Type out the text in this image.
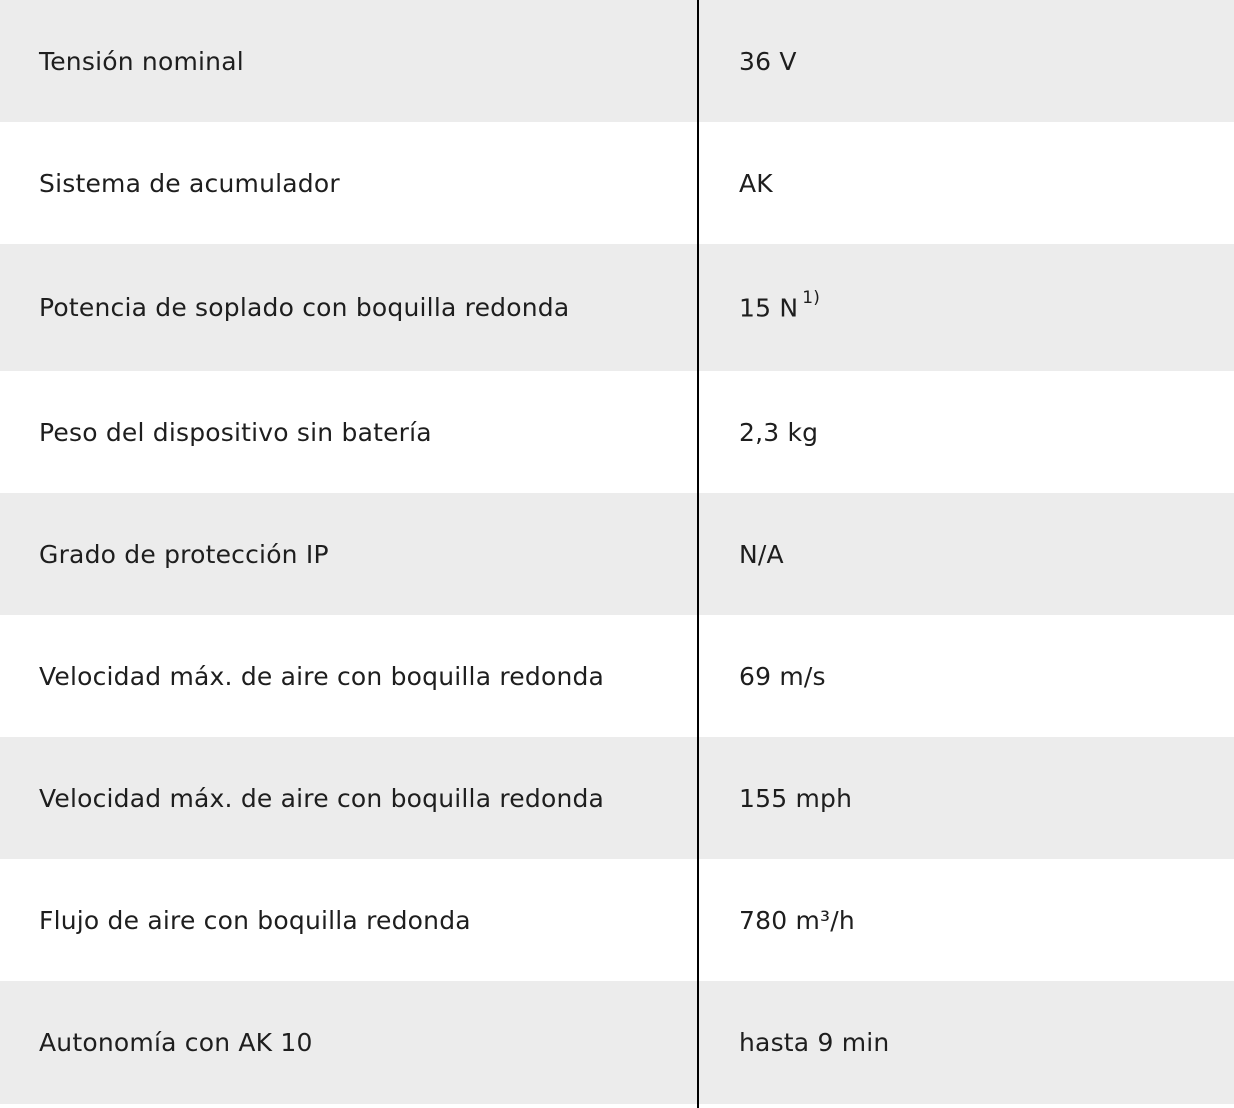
Tensión nominal	36 V
Sistema de acumulador	AK
Potencia de soplado con boquilla redonda	15 N $^{1)}$
Peso del dispositivo sin batería	2,3 kg
Grado de protección IP	N/A
Velocidad máx. de aire con boquilla redonda	69 m/s
Velocidad máx. de aire con boquilla redonda	155 mph
Flujo de aire con boquilla redonda	780 m³/h
Autonomía con AK 10	hasta 9 min
